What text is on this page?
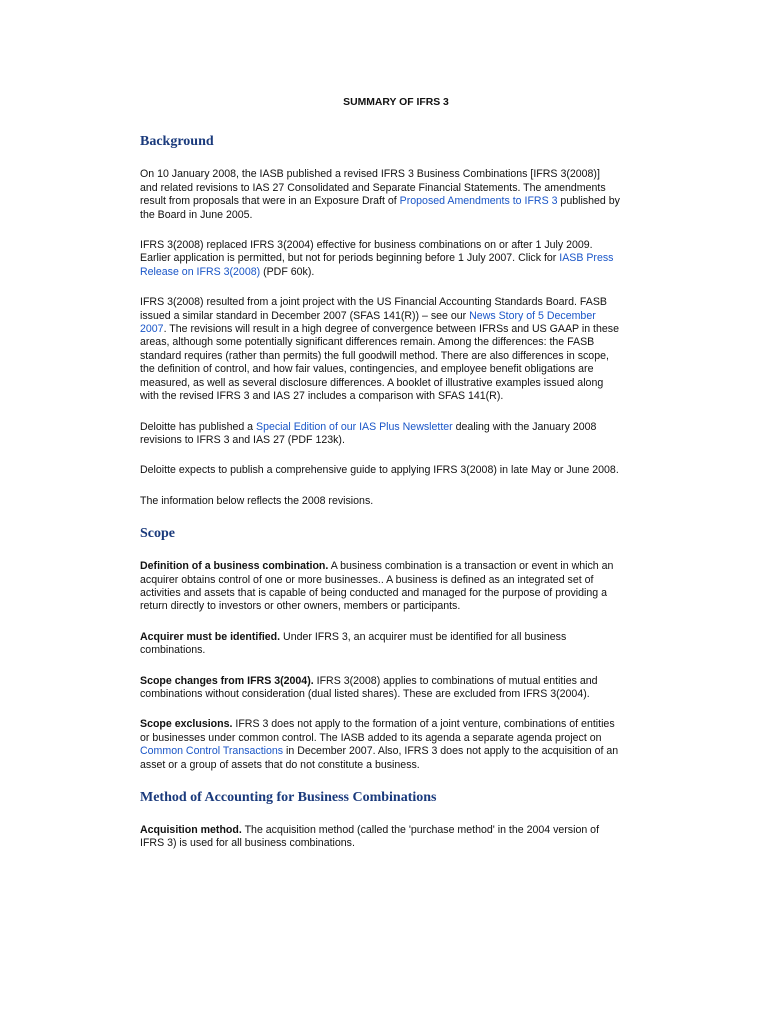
SUMMARY OF IFRS 3
Background

On 10 January 2008, the IASB published a revised IFRS 3 Business Combinations [IFRS 3(2008)] and related revisions to IAS 27 Consolidated and Separate Financial Statements. The amendments result from proposals that were in an Exposure Draft of Proposed Amendments to IFRS 3 published by the Board in June 2005.

IFRS 3(2008) replaced IFRS 3(2004) effective for business combinations on or after 1 July 2009. Earlier application is permitted, but not for periods beginning before 1 July 2007. Click for IASB Press Release on IFRS 3(2008) (PDF 60k).

IFRS 3(2008) resulted from a joint project with the US Financial Accounting Standards Board. FASB issued a similar standard in December 2007 (SFAS 141(R)) – see our News Story of 5 December 2007. The revisions will result in a high degree of convergence between IFRSs and US GAAP in these areas, although some potentially significant differences remain. Among the differences: the FASB standard requires (rather than permits) the full goodwill method. There are also differences in scope, the definition of control, and how fair values, contingencies, and employee benefit obligations are measured, as well as several disclosure differences. A booklet of illustrative examples issued along with the revised IFRS 3 and IAS 27 includes a comparison with SFAS 141(R).

Deloitte has published a Special Edition of our IAS Plus Newsletter dealing with the January 2008 revisions to IFRS 3 and IAS 27 (PDF 123k).

Deloitte expects to publish a comprehensive guide to applying IFRS 3(2008) in late May or June 2008.

The information below reflects the 2008 revisions.

Scope

Definition of a business combination. A business combination is a transaction or event in which an acquirer obtains control of one or more businesses.. A business is defined as an integrated set of activities and assets that is capable of being conducted and managed for the purpose of providing a return directly to investors or other owners, members or participants.

Acquirer must be identified. Under IFRS 3, an acquirer must be identified for all business combinations.

Scope changes from IFRS 3(2004). IFRS 3(2008) applies to combinations of mutual entities and combinations without consideration (dual listed shares). These are excluded from IFRS 3(2004).

Scope exclusions. IFRS 3 does not apply to the formation of a joint venture, combinations of entities or businesses under common control. The IASB added to its agenda a separate agenda project on Common Control Transactions in December 2007. Also, IFRS 3 does not apply to the acquisition of an asset or a group of assets that do not constitute a business.

Method of Accounting for Business Combinations

Acquisition method. The acquisition method (called the 'purchase method' in the 2004 version of IFRS 3) is used for all business combinations.
